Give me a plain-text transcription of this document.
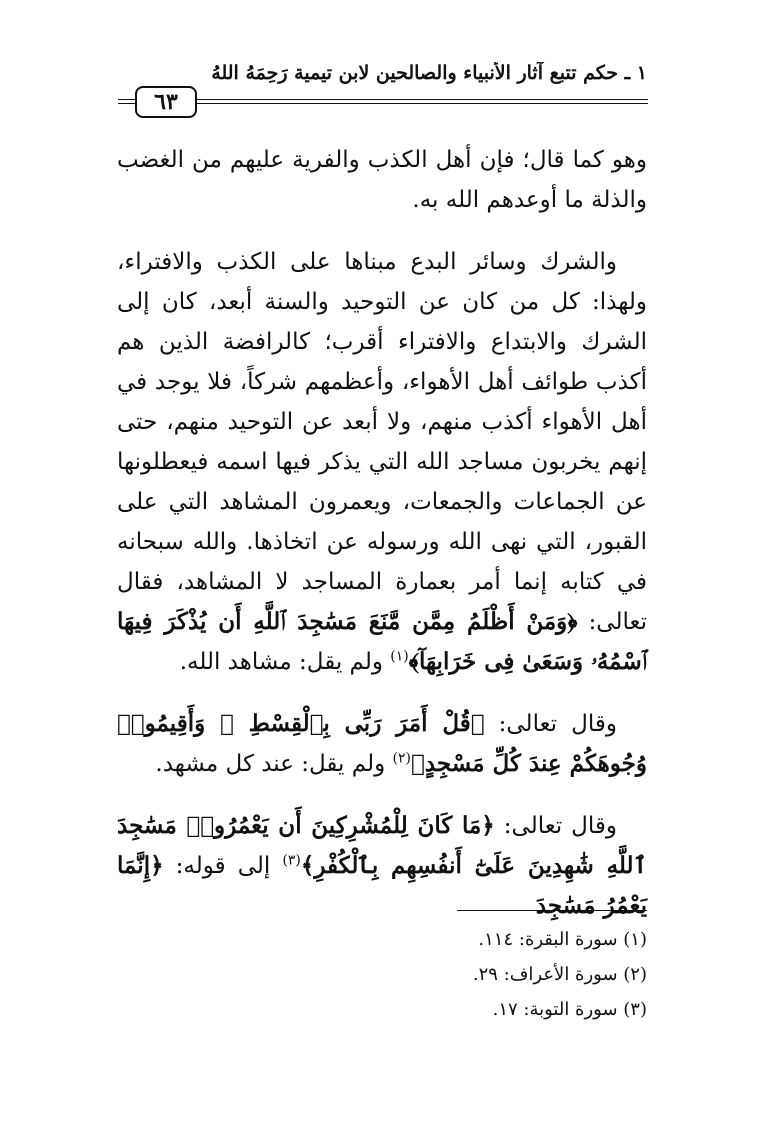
١ ـ حكم تتبع آثار الأنبياء والصالحين لابن تيمية رَحِمَهُ اللهُ
٦٣

وهو كما قال؛ فإن أهل الكذب والفرية عليهم من الغضب والذلة ما أوعدهم الله به.

والشرك وسائر البدع مبناها على الكذب والافتراء، ولهذا: كل من كان عن التوحيد والسنة أبعد، كان إلى الشرك والابتداع والافتراء أقرب؛ كالرافضة الذين هم أكذب طوائف أهل الأهواء، وأعظمهم شركاً، فلا يوجد في أهل الأهواء أكذب منهم، ولا أبعد عن التوحيد منهم، حتى إنهم يخربون مساجد الله التي يذكر فيها اسمه فيعطلونها عن الجماعات والجمعات، ويعمرون المشاهد التي على القبور، التي نهى الله ورسوله عن اتخاذها. والله سبحانه في كتابه إنما أمر بعمارة المساجد لا المشاهد، فقال تعالى: ﴿وَمَنْ أَظْلَمُ مِمَّن مَّنَعَ مَسَٰجِدَ ٱللَّهِ أَن يُذْكَرَ فِيهَا ٱسْمُهُۥ وَسَعَىٰ فِى خَرَابِهَآ﴾$^{(١)}$ ولم يقل: مشاهد الله.

وقال تعالى: ﴿قُلْ أَمَرَ رَبِّى بِٱلْقِسْطِ ۖ وَأَقِيمُوا۟ وُجُوهَكُمْ عِندَ كُلِّ مَسْجِدٍ﴾$^{(٢)}$ ولم يقل: عند كل مشهد.

وقال تعالى: ﴿مَا كَانَ لِلْمُشْرِكِينَ أَن يَعْمُرُوا۟ مَسَٰجِدَ ٱللَّهِ شَٰهِدِينَ عَلَىٰٓ أَنفُسِهِم بِٱلْكُفْرِ﴾$^{(٣)}$ إلى قوله: ﴿إِنَّمَا يَعْمُرُ مَسَٰجِدَ

(١) سورة البقرة: ١١٤.
(٢) سورة الأعراف: ٢٩.
(٣) سورة التوبة: ١٧.
